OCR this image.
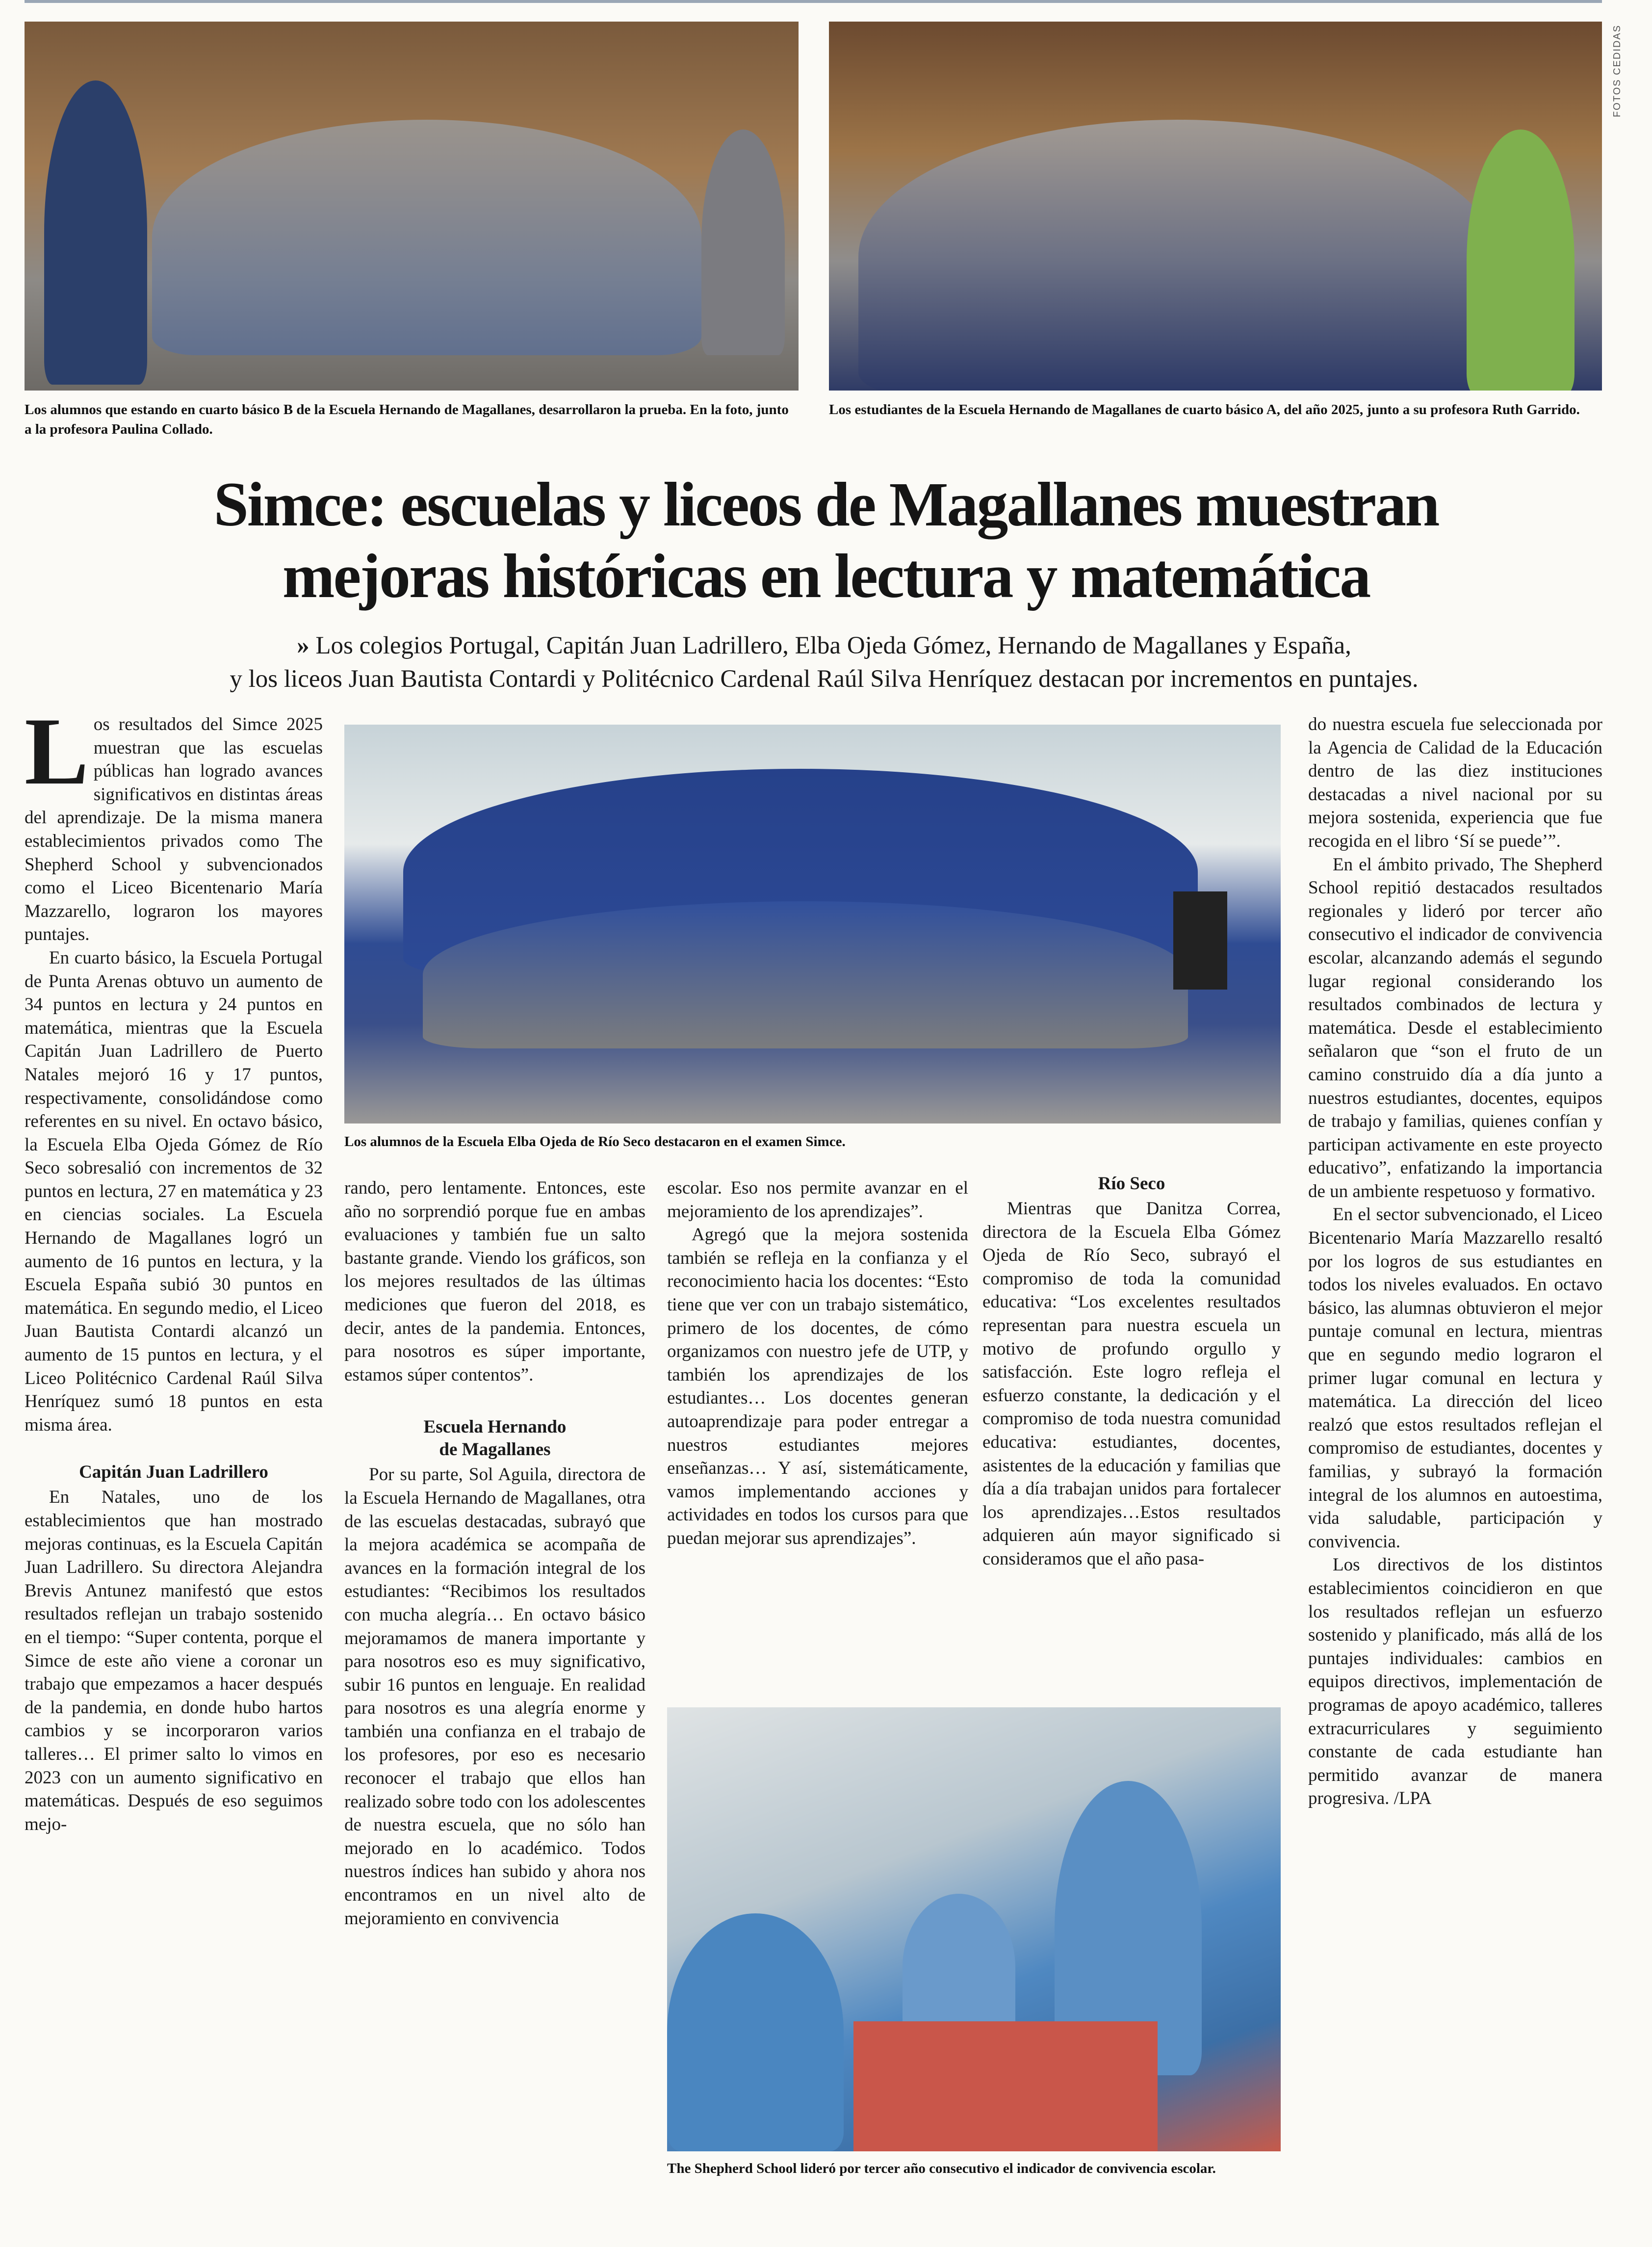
FOTOS CEDIDAS
Los alumnos que estando en cuarto básico B de la Escuela Hernando de Magallanes, desarrollaron la prueba. En la foto, junto a la profesora Paulina Collado.
Los estudiantes de la Escuela Hernando de Magallanes de cuarto básico A, del año 2025, junto a su profesora Ruth Garrido.
Simce: escuelas y liceos de Magallanes muestran
mejoras históricas en lectura y matemática
» Los colegios Portugal, Capitán Juan Ladrillero, Elba Ojeda Gómez, Hernando de Magallanes y España,
y los liceos Juan Bautista Contardi y Politécnico Cardenal Raúl Silva Henríquez destacan por incrementos en puntajes.

Los resultados del Simce 2025 muestran que las escuelas públicas han logrado avances significativos en distintas áreas del aprendizaje. De la misma manera establecimientos privados como The Shepherd School y subvencionados como el Liceo Bicentenario María Mazzarello, lograron los mayores puntajes.

En cuarto básico, la Escuela Portugal de Punta Arenas obtuvo un aumento de 34 puntos en lectura y 24 puntos en matemática, mientras que la Escuela Capitán Juan Ladrillero de Puerto Natales mejoró 16 y 17 puntos, respectivamente, consolidándose como referentes en su nivel. En octavo básico, la Escuela Elba Ojeda Gómez de Río Seco sobresalió con incrementos de 32 puntos en lectura, 27 en matemática y 23 en ciencias sociales. La Escuela Hernando de Magallanes logró un aumento de 16 puntos en lectura, y la Escuela España subió 30 puntos en matemática. En segundo medio, el Liceo Juan Bautista Contardi alcanzó un aumento de 15 puntos en lectura, y el Liceo Politécnico Cardenal Raúl Silva Henríquez sumó 18 puntos en esta misma área.

Capitán Juan Ladrillero

En Natales, uno de los establecimientos que han mostrado mejoras continuas, es la Escuela Capitán Juan Ladrillero. Su directora Alejandra Brevis Antunez manifestó que estos resultados reflejan un trabajo sostenido en el tiempo: “Super contenta, porque el Simce de este año viene a coronar un trabajo que empezamos a hacer después de la pandemia, en donde hubo hartos cambios y se incorporaron varios talleres… El primer salto lo vimos en 2023 con un aumento significativo en matemáticas. Después de eso seguimos mejo-

Los alumnos de la Escuela Elba Ojeda de Río Seco destacaron en el examen Simce.

rando, pero lentamente. Entonces, este año no sorprendió porque fue en ambas evaluaciones y también fue un salto bastante grande. Viendo los gráficos, son los mejores resultados de las últimas mediciones que fueron del 2018, es decir, antes de la pandemia. Entonces, para nosotros es súper importante, estamos súper contentos”.

Escuela Hernando
de Magallanes

Por su parte, Sol Aguila, directora de la Escuela Hernando de Magallanes, otra de las escuelas destacadas, subrayó que la mejora académica se acompaña de avances en la formación integral de los estudiantes: “Recibimos los resultados con mucha alegría… En octavo básico mejoramamos de manera importante y para nosotros eso es muy significativo, subir 16 puntos en lenguaje. En realidad para nosotros es una alegría enorme y también una confianza en el trabajo de los profesores, por eso es necesario reconocer el trabajo que ellos han realizado sobre todo con los adolescentes de nuestra escuela, que no sólo han mejorado en lo académico. Todos nuestros índices han subido y ahora nos encontramos en un nivel alto de mejoramiento en convivencia

escolar. Eso nos permite avanzar en el mejoramiento de los aprendizajes”.

Agregó que la mejora sostenida también se refleja en la confianza y el reconocimiento hacia los docentes: “Esto tiene que ver con un trabajo sistemático, primero de los docentes, de cómo organizamos con nuestro jefe de UTP, y también los aprendizajes de los estudiantes… Los docentes generan autoaprendizaje para poder entregar a nuestros estudiantes mejores enseñanzas… Y así, sistemáticamente, vamos implementando acciones y actividades en todos los cursos para que puedan mejorar sus aprendizajes”.

Río Seco

Mientras que Danitza Correa, directora de la Escuela Elba Gómez Ojeda de Río Seco, subrayó el compromiso de toda la comunidad educativa: “Los excelentes resultados representan para nuestra escuela un motivo de profundo orgullo y satisfacción. Este logro refleja el esfuerzo constante, la dedicación y el compromiso de toda nuestra comunidad educativa: estudiantes, docentes, asistentes de la educación y familias que día a día trabajan unidos para fortalecer los aprendizajes…Estos resultados adquieren aún mayor significado si consideramos que el año pasa-

The Shepherd School lideró por tercer año consecutivo el indicador de convivencia escolar.

do nuestra escuela fue seleccionada por la Agencia de Calidad de la Educación dentro de las diez instituciones destacadas a nivel nacional por su mejora sostenida, experiencia que fue recogida en el libro ‘Sí se puede’”.

En el ámbito privado, The Shepherd School repitió destacados resultados regionales y lideró por tercer año consecutivo el indicador de convivencia escolar, alcanzando además el segundo lugar regional considerando los resultados combinados de lectura y matemática. Desde el establecimiento señalaron que “son el fruto de un camino construido día a día junto a nuestros estudiantes, docentes, equipos de trabajo y familias, quienes confían y participan activamente en este proyecto educativo”, enfatizando la importancia de un ambiente respetuoso y formativo.

En el sector subvencionado, el Liceo Bicentenario María Mazzarello resaltó por los logros de sus estudiantes en todos los niveles evaluados. En octavo básico, las alumnas obtuvieron el mejor puntaje comunal en lectura, mientras que en segundo medio lograron el primer lugar comunal en lectura y matemática. La dirección del liceo realzó que estos resultados reflejan el compromiso de estudiantes, docentes y familias, y subrayó la formación integral de los alumnos en autoestima, vida saludable, participación y convivencia.

Los directivos de los distintos establecimientos coincidieron en que los resultados reflejan un esfuerzo sostenido y planificado, más allá de los puntajes individuales: cambios en equipos directivos, implementación de programas de apoyo académico, talleres extracurriculares y seguimiento constante de cada estudiante han permitido avanzar de manera progresiva. /LPA
